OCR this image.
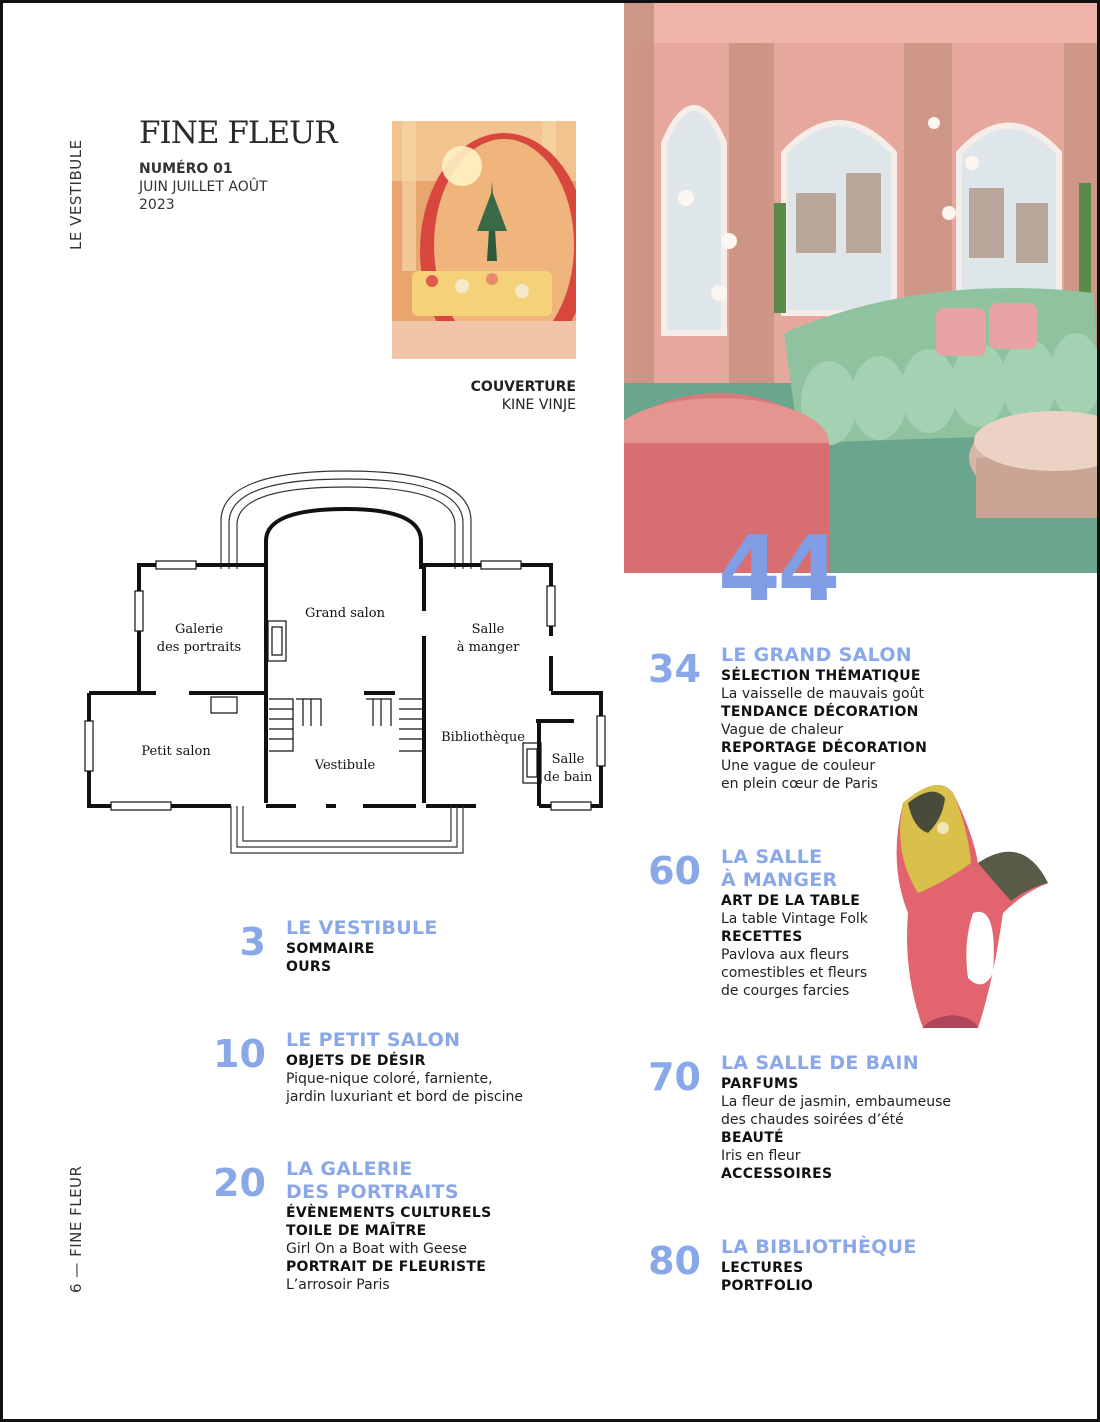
LE VESTIBULE
6 — FINE FLEUR
FINE FLEUR
NUMÉRO 01
JUIN JUILLET AOÛT
2023
COUVERTURE
KINE VINJE
44
Galerie
des portraits
Grand salon
Salle
à manger
Petit salon
Vestibule
Bibliothèque
Salle
de bain
3 LE VESTIBULE
SOMMAIRE
OURS
10 LE PETIT SALON
OBJETS DE DÉSIR
Pique-nique coloré, farniente,
jardin luxuriant et bord de piscine
20 LA GALERIE
DES PORTRAITS
ÉVÈNEMENTS CULTURELS
TOILE DE MAÎTRE
Girl On a Boat with Geese
PORTRAIT DE FLEURISTE
L’arrosoir Paris
34 LE GRAND SALON
SÉLECTION THÉMATIQUE
La vaisselle de mauvais goût
TENDANCE DÉCORATION
Vague de chaleur
REPORTAGE DÉCORATION
Une vague de couleur
en plein cœur de Paris
60 LA SALLE
À MANGER
ART DE LA TABLE
La table Vintage Folk
RECETTES
Pavlova aux fleurs
comestibles et fleurs
de courges farcies
70 LA SALLE DE BAIN
PARFUMS
La fleur de jasmin, embaumeuse
des chaudes soirées d’été
BEAUTÉ
Iris en fleur
ACCESSOIRES
80 LA BIBLIOTHÈQUE
LECTURES
PORTFOLIO
